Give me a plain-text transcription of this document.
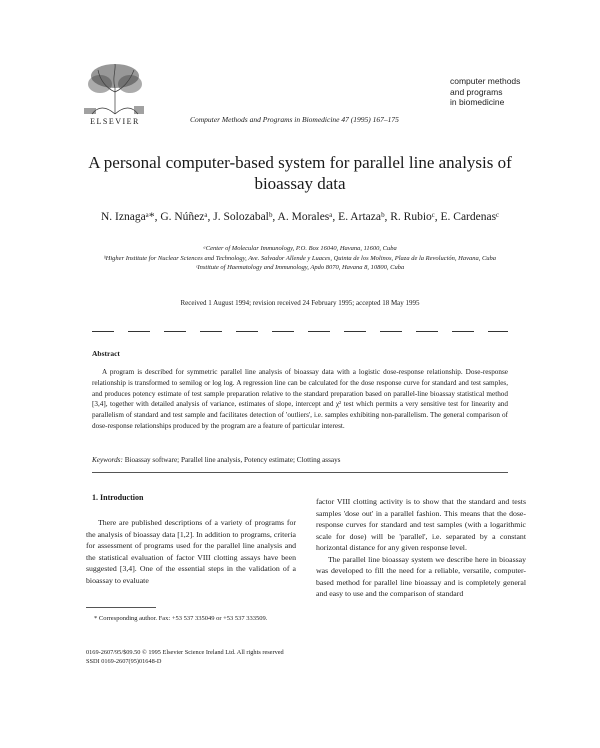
ELSEVIER	Computer Methods and Programs in Biomedicine 47 (1995) 167–175
computer methods
and programs
in biomedicine
A personal computer-based system for parallel line analysis of bioassay data
N. Iznagaᵃ*, G. Núñezᵃ, J. Solozabalᵇ, A. Moralesᵃ, E. Artazaᵇ, R. Rubioᶜ, E. Cardenasᶜ
ᵃCenter of Molecular Immunology, P.O. Box 16040, Havana, 11600, Cuba
ᵇHigher Institute for Nuclear Sciences and Technology, Ave. Salvador Allende y Luaces, Quinta de los Molinos, Plaza de la Revolución, Havana, Cuba
ᶜInstitute of Haematology and Immunology, Apdo 8070, Havana 8, 10800, Cuba
Received 1 August 1994; revision received 24 February 1995; accepted 18 May 1995
Abstract
A program is described for symmetric parallel line analysis of bioassay data with a logistic dose-response relationship. Dose-response relationship is transformed to semilog or log log. A regression line can be calculated for the dose response curve for standard and test samples, and produces potency estimate of test sample preparation relative to the standard preparation based on parallel-line bioassay statistical method [3,4], together with detailed analysis of variance, estimates of slope, intercept and χ² test which permits a very sensitive test for linearity and parallelism of standard and test sample and facilitates detection of 'outliers', i.e. samples exhibiting non-parallelism. The general comparison of dose-response relationships produced by the program are a feature of particular interest.
Keywords: Bioassay software; Parallel line analysis, Potency estimate; Clotting assays
1. Introduction

There are published descriptions of a variety of programs for the analysis of bioassay data [1,2]. In addition to programs, criteria for assessment of programs used for the parallel line analysis and the statistical evaluation of factor VIII clotting assays have been suggested [3,4]. One of the essential steps in the validation of a bioassay to evaluate

* Corresponding author. Fax: +53 537 335049 or +53 537 333509.
0169-2607/95/$09.50 © 1995 Elsevier Science Ireland Ltd. All rights reserved
SSDI 0169-2607(95)01648-D

factor VIII clotting activity is to show that the standard and tests samples 'dose out' in a parallel fashion. This means that the dose-response curves for standard and test samples (with a logarithmic scale for dose) will be 'parallel', i.e. separated by a constant horizontal distance for any given response level.

The parallel line bioassay system we describe here in bioassay was developed to fill the need for a reliable, versatile, computer-based method for parallel line bioassay and is completely general and easy to use and the comparison of standard
